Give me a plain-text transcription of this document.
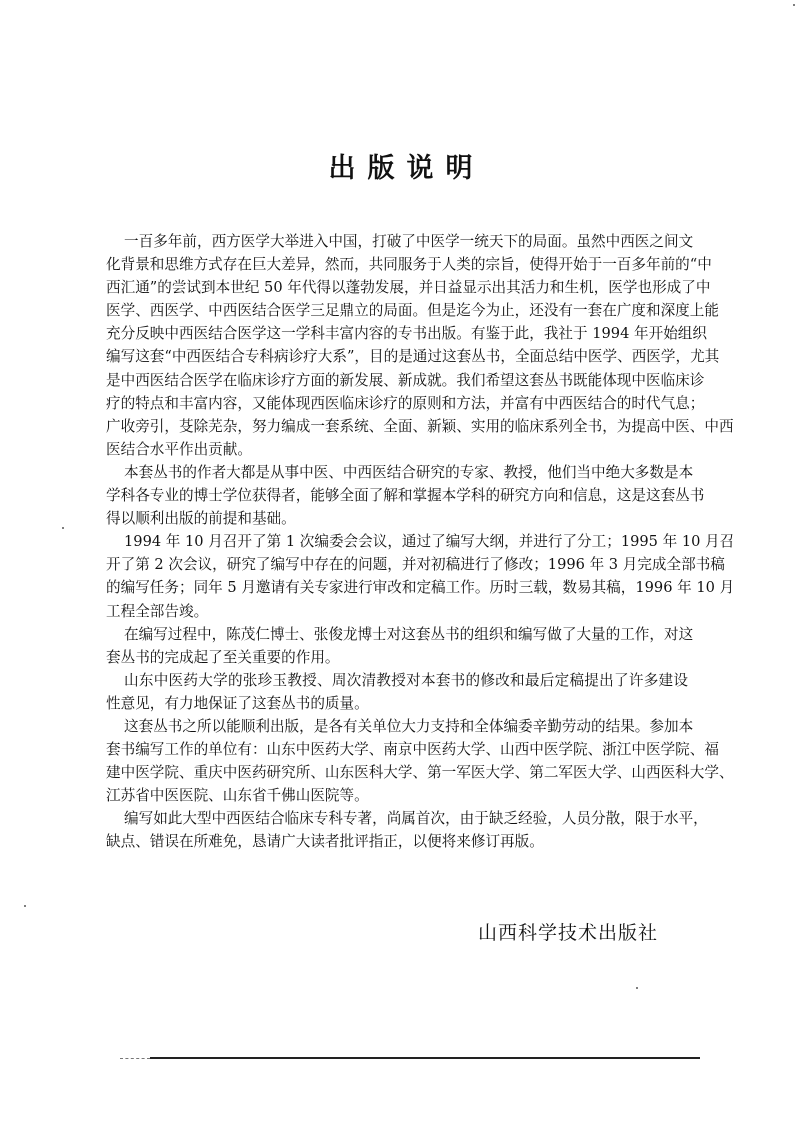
出版说明
一百多年前，西方医学大举进入中国，打破了中医学一统天下的局面。虽然中西医之间文
化背景和思维方式存在巨大差异，然而，共同服务于人类的宗旨，使得开始于一百多年前的“中
西汇通”的尝试到本世纪 50 年代得以蓬勃发展，并日益显示出其活力和生机，医学也形成了中
医学、西医学、中西医结合医学三足鼎立的局面。但是迄今为止，还没有一套在广度和深度上能
充分反映中西医结合医学这一学科丰富内容的专书出版。有鉴于此，我社于 1994 年开始组织
编写这套“中西医结合专科病诊疗大系”，目的是通过这套丛书，全面总结中医学、西医学，尤其
是中西医结合医学在临床诊疗方面的新发展、新成就。我们希望这套丛书既能体现中医临床诊
疗的特点和丰富内容，又能体现西医临床诊疗的原则和方法，并富有中西医结合的时代气息；
广收旁引，芟除芜杂，努力编成一套系统、全面、新颖、实用的临床系列全书，为提高中医、中西
医结合水平作出贡献。
本套丛书的作者大都是从事中医、中西医结合研究的专家、教授，他们当中绝大多数是本
学科各专业的博士学位获得者，能够全面了解和掌握本学科的研究方向和信息，这是这套丛书
得以顺利出版的前提和基础。
1994 年 10 月召开了第 1 次编委会会议，通过了编写大纲，并进行了分工；1995 年 10 月召
开了第 2 次会议，研究了编写中存在的问题，并对初稿进行了修改；1996 年 3 月完成全部书稿
的编写任务；同年 5 月邀请有关专家进行审改和定稿工作。历时三载，数易其稿，1996 年 10 月
工程全部告竣。
在编写过程中，陈茂仁博士、张俊龙博士对这套丛书的组织和编写做了大量的工作，对这
套丛书的完成起了至关重要的作用。
山东中医药大学的张珍玉教授、周次清教授对本套书的修改和最后定稿提出了许多建设
性意见，有力地保证了这套丛书的质量。
这套丛书之所以能顺利出版，是各有关单位大力支持和全体编委辛勤劳动的结果。参加本
套书编写工作的单位有：山东中医药大学、南京中医药大学、山西中医学院、浙江中医学院、福
建中医学院、重庆中医药研究所、山东医科大学、第一军医大学、第二军医大学、山西医科大学、
江苏省中医医院、山东省千佛山医院等。
编写如此大型中西医结合临床专科专著，尚属首次，由于缺乏经验，人员分散，限于水平，
缺点、错误在所难免，恳请广大读者批评指正，以便将来修订再版。
山西科学技术出版社
